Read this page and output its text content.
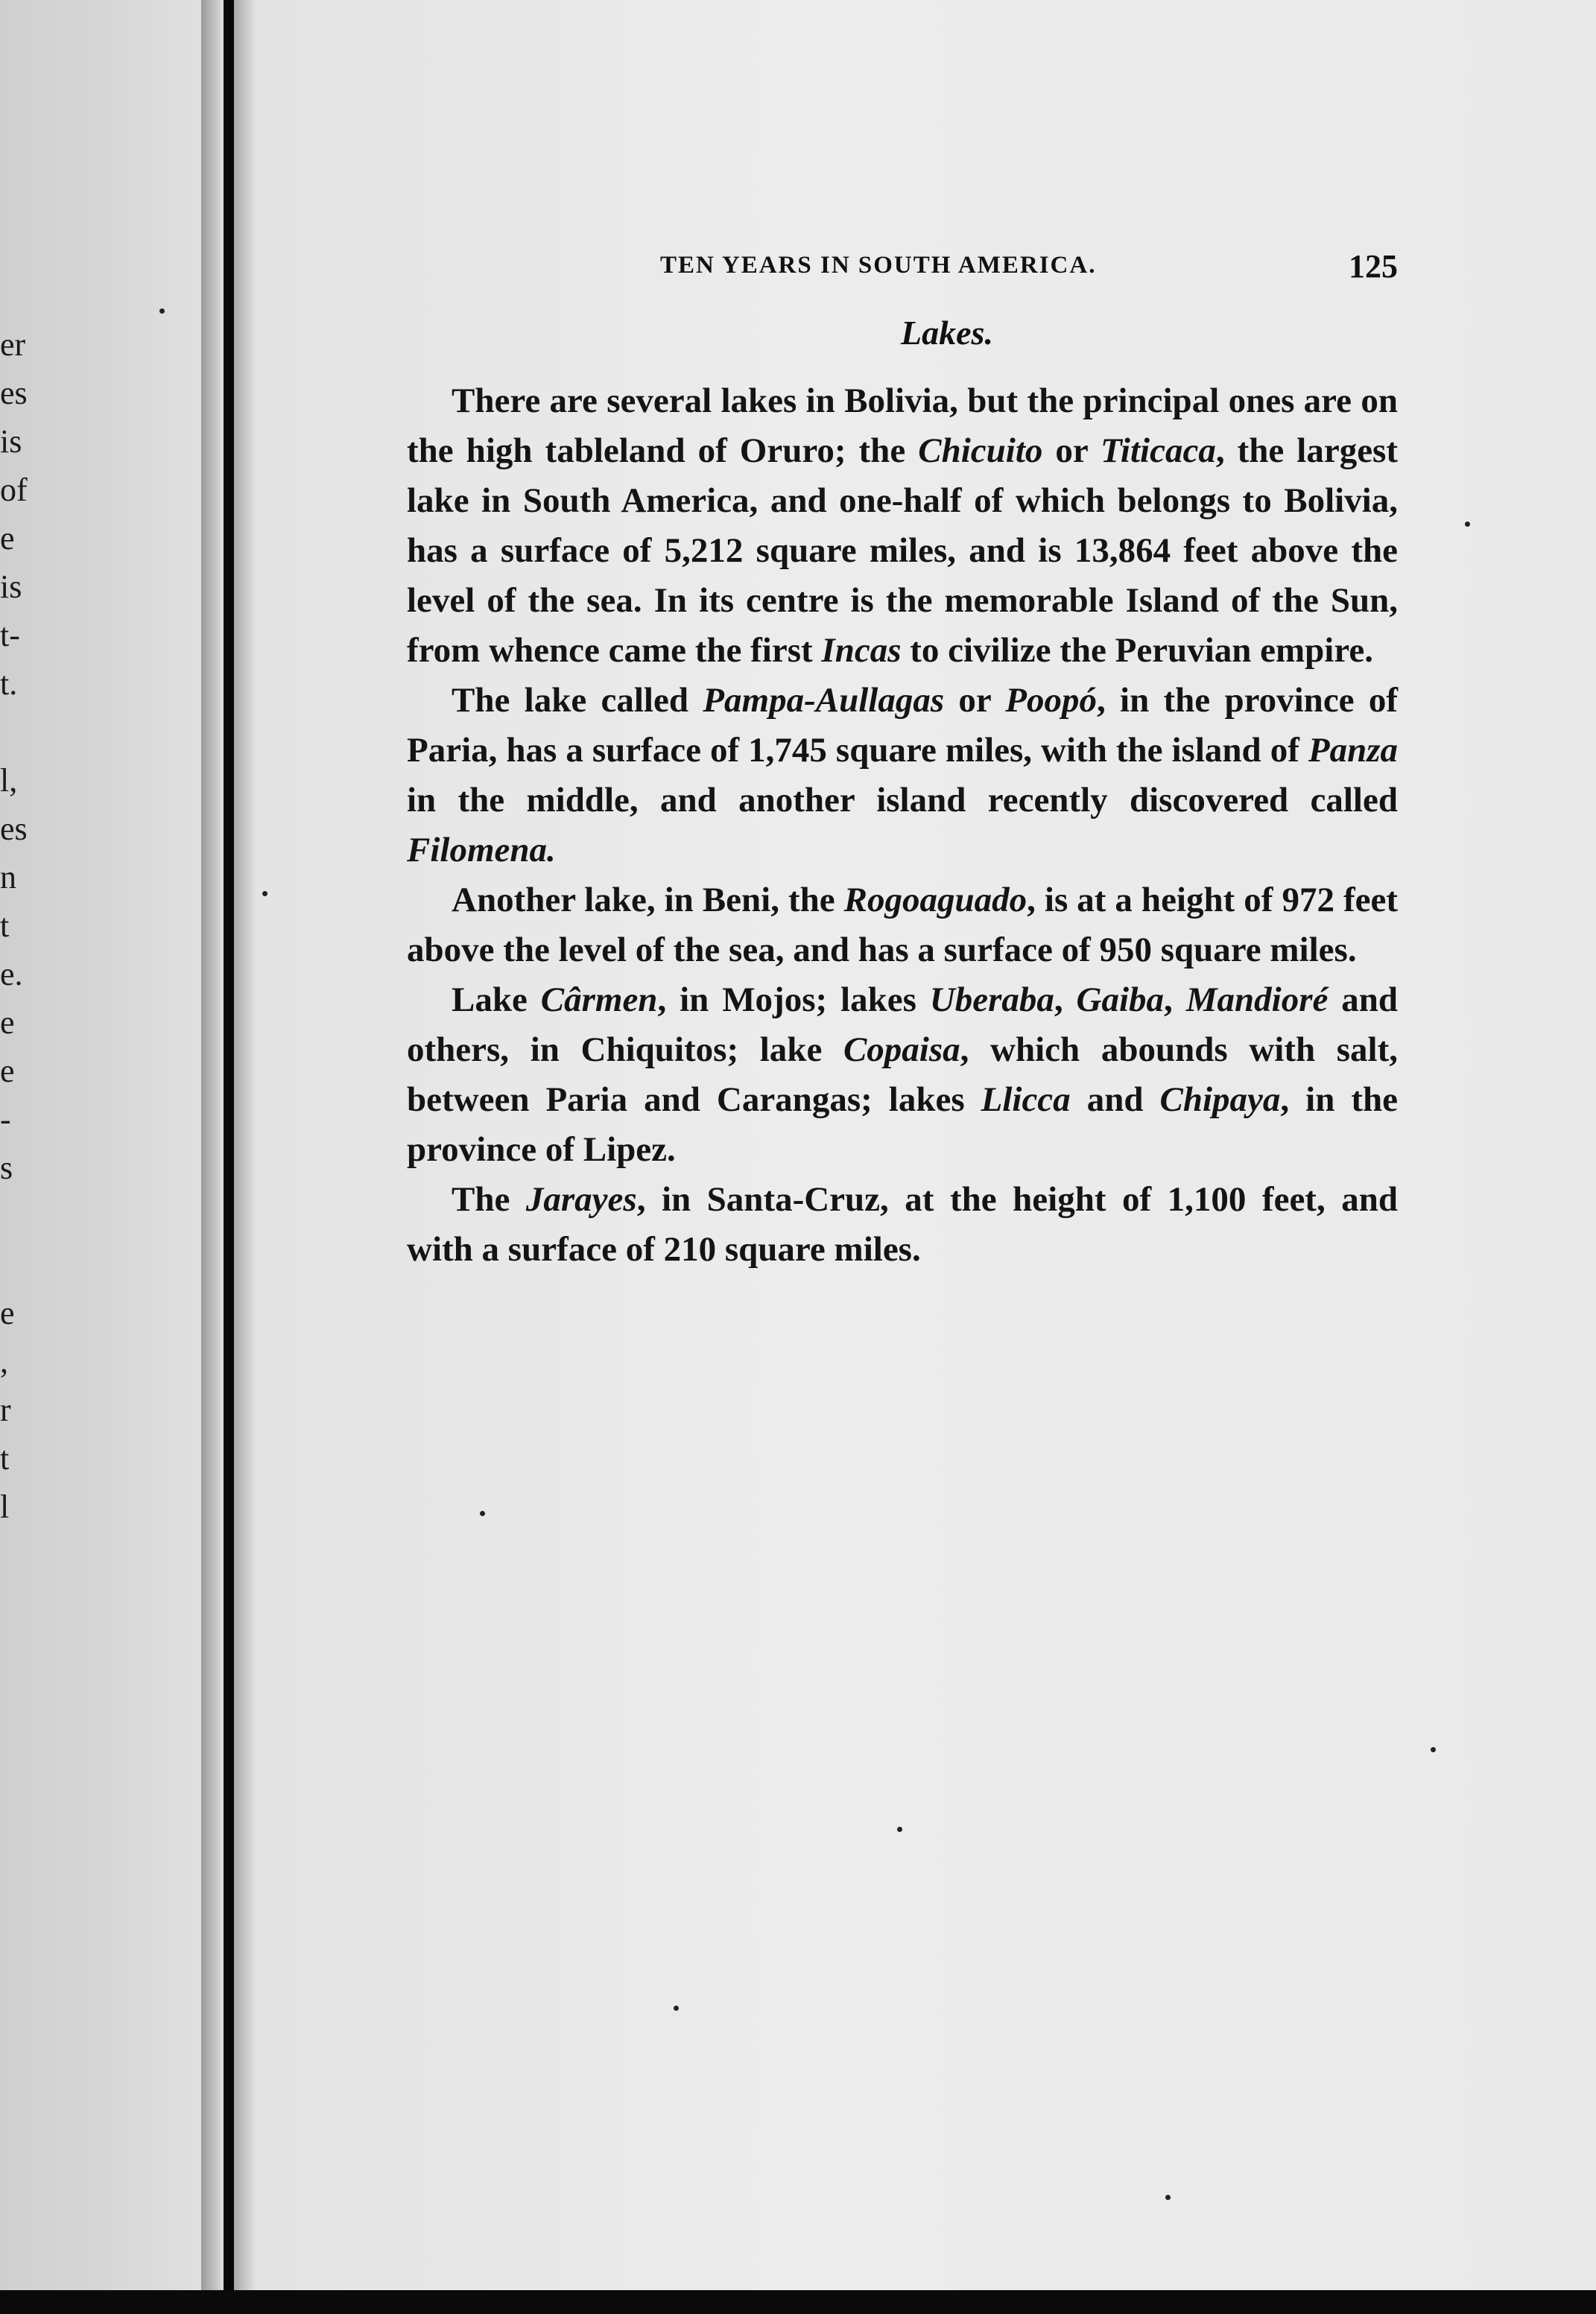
er
es
is
of
e
is
t-
t.
l,
es
n
t
e.
e
e
-
s
e
,
r
t
l
TEN YEARS IN SOUTH AMERICA.	125
Lakes.

There are several lakes in Bolivia, but the principal ones are on the high tableland of Oruro; the Chicuito or Titicaca, the largest lake in South America, and one-half of which belongs to Bolivia, has a surface of 5,212 square miles, and is 13,864 feet above the level of the sea. In its centre is the memorable Island of the Sun, from whence came the first Incas to civilize the Peruvian empire.

The lake called Pampa-Aullagas or Poopó, in the province of Paria, has a surface of 1,745 square miles, with the island of Panza in the middle, and another island recently discovered called Filomena.

Another lake, in Beni, the Rogoaguado, is at a height of 972 feet above the level of the sea, and has a surface of 950 square miles.

Lake Cârmen, in Mojos; lakes Uberaba, Gaiba, Mandioré and others, in Chiquitos; lake Copaisa, which abounds with salt, between Paria and Carangas; lakes Llicca and Chipaya, in the province of Lipez.

The Jarayes, in Santa-Cruz, at the height of 1,100 feet, and with a surface of 210 square miles.
